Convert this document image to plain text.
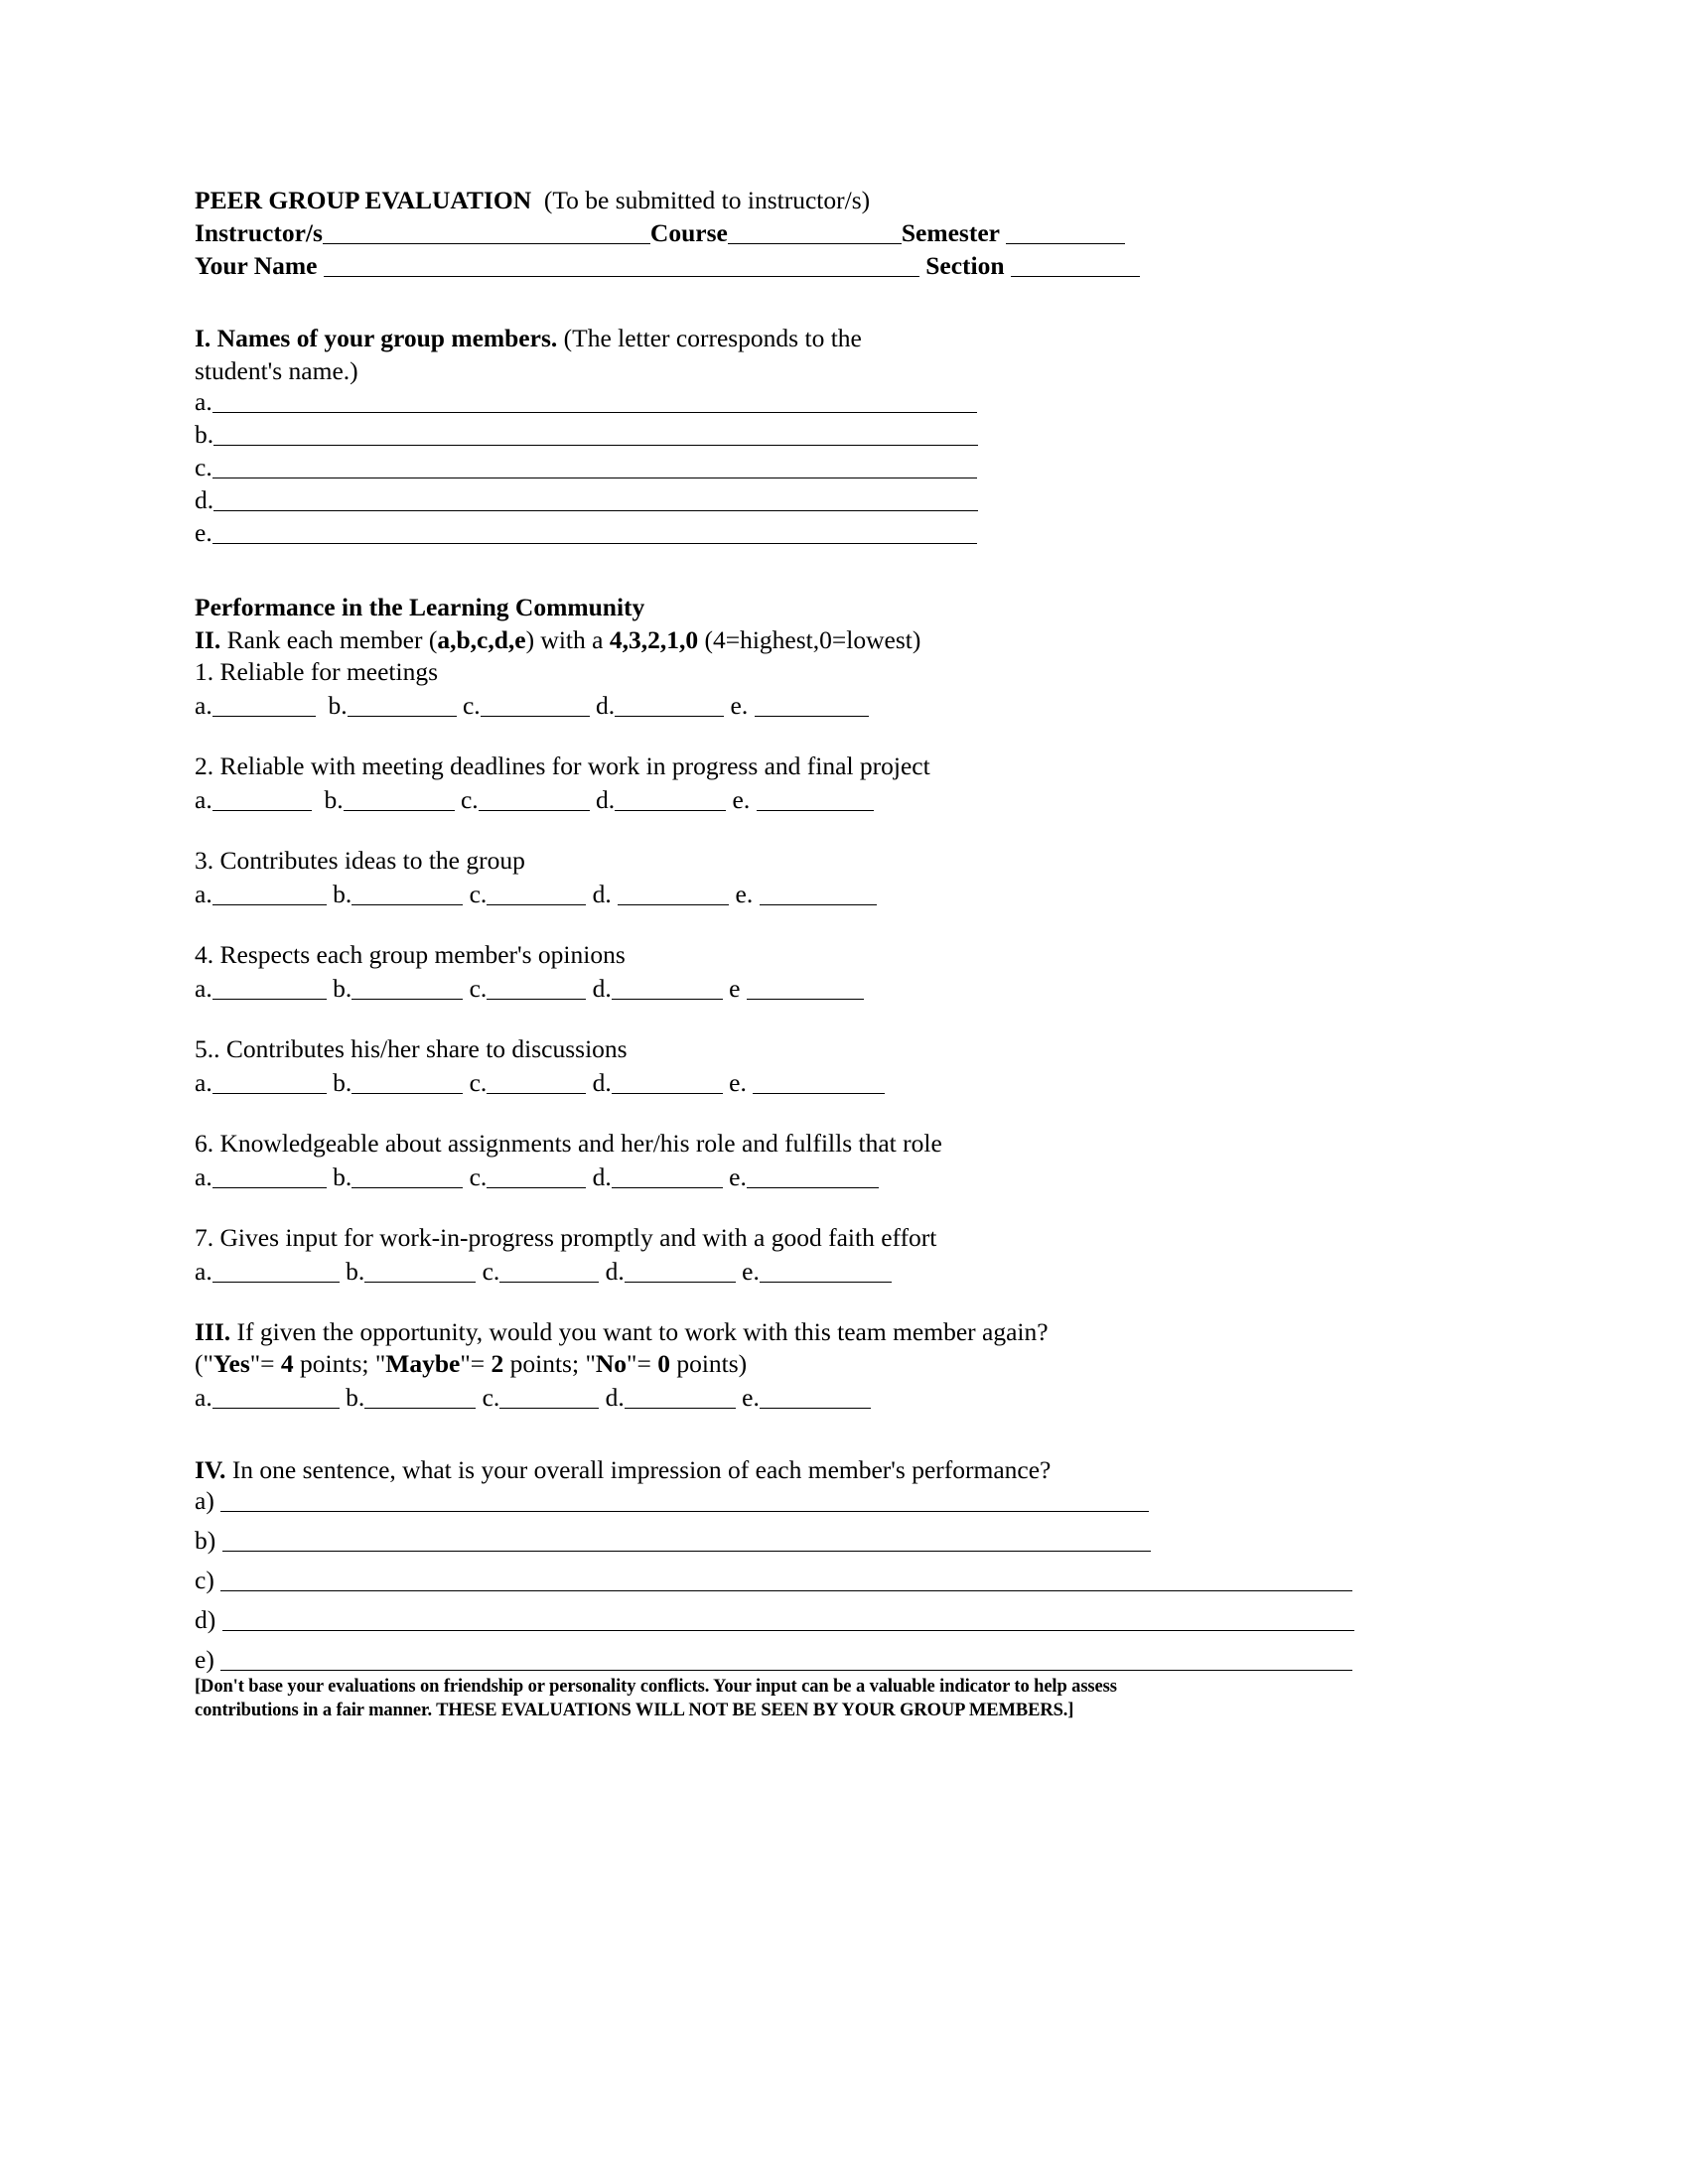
PEER GROUP EVALUATION (To be submitted to instructor/s)
Instructor/s	Course	Semester
Your Name	Section
I. Names of your group members. (The letter corresponds to the
student's name.)
a.
b.
c.
d.
e.
Performance in the Learning Community
II. Rank each member (a,b,c,d,e) with a 4,3,2,1,0 (4=highest,0=lowest)
1. Reliable for meetings
a.	b.	c.	d.	e.
2. Reliable with meeting deadlines for work in progress and final project
a.	b.	c.	d.	e.
3. Contributes ideas to the group
a.	b.	c.	d.	e.
4. Respects each group member's opinions
a.	b.	c.	d.	e
5.. Contributes his/her share to discussions
a.	b.	c.	d.	e.
6. Knowledgeable about assignments and her/his role and fulfills that role
a.	b.	c.	d.	e.
7. Gives input for work-in-progress promptly and with a good faith effort
a.	b.	c.	d.	e.
III. If given the opportunity, would you want to work with this team member again?
("Yes"= 4 points; "Maybe"= 2 points; "No"= 0 points)
a.	b.	c.	d.	e.
IV. In one sentence, what is your overall impression of each member's performance?
a)
b)
c)
d)
e)
[Don't base your evaluations on friendship or personality conflicts. Your input can be a valuable indicator to help assess
contributions in a fair manner. THESE EVALUATIONS WILL NOT BE SEEN BY YOUR GROUP MEMBERS.]
